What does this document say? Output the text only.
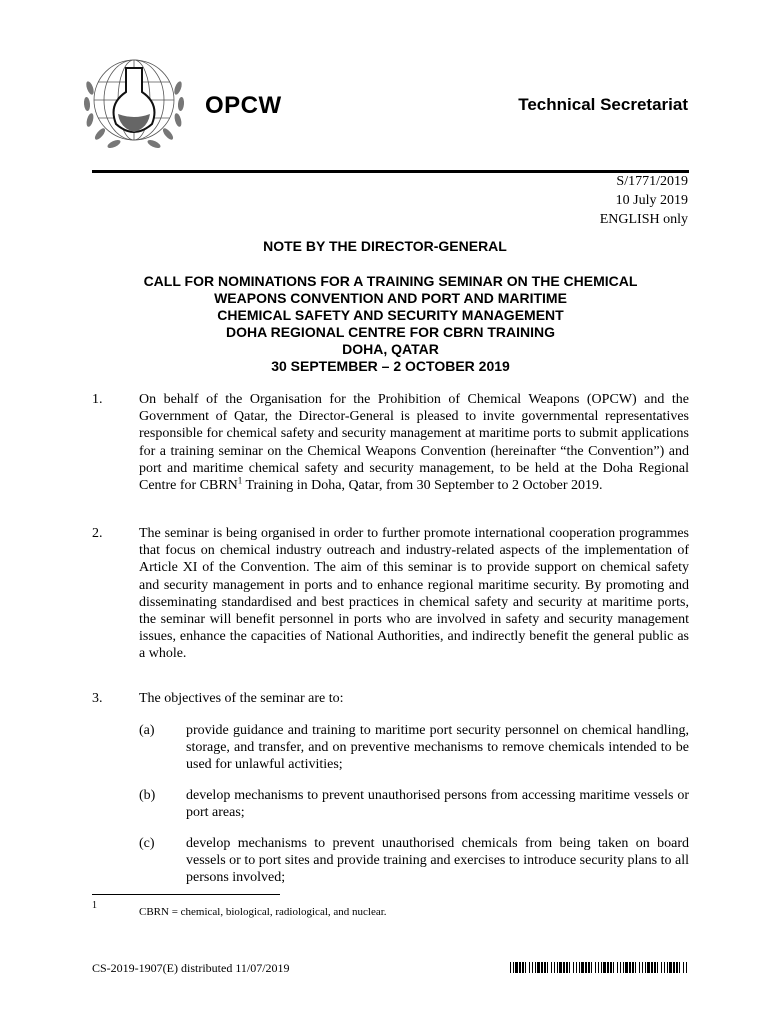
OPCW	Technical Secretariat
S/1771/2019
10 July 2019
ENGLISH only
NOTE BY THE DIRECTOR-GENERAL
CALL FOR NOMINATIONS FOR A TRAINING SEMINAR ON THE CHEMICAL
WEAPONS CONVENTION AND PORT AND MARITIME
CHEMICAL SAFETY AND SECURITY MANAGEMENT
DOHA REGIONAL CENTRE FOR CBRN TRAINING
DOHA, QATAR
30 SEPTEMBER – 2 OCTOBER 2019
1.	On behalf of the Organisation for the Prohibition of Chemical Weapons (OPCW) and the Government of Qatar, the Director-General is pleased to invite governmental representatives responsible for chemical safety and security management at maritime ports to submit applications for a training seminar on the Chemical Weapons Convention (hereinafter “the Convention”) and port and maritime chemical safety and security management, to be held at the Doha Regional Centre for CBRN$^1$ Training in Doha, Qatar, from 30 September to 2 October 2019.
2.	The seminar is being organised in order to further promote international cooperation programmes that focus on chemical industry outreach and industry-related aspects of the implementation of Article XI of the Convention. The aim of this seminar is to provide support on chemical safety and security management in ports and to enhance regional maritime security. By promoting and disseminating standardised and best practices in chemical safety and security at maritime ports, the seminar will benefit personnel in ports who are involved in safety and security management issues, enhance the capacities of National Authorities, and indirectly benefit the general public as a whole.
3.	The objectives of the seminar are to:
(a) provide guidance and training to maritime port security personnel on chemical handling, storage, and transfer, and on preventive mechanisms to remove chemicals intended to be used for unlawful activities;
(b) develop mechanisms to prevent unauthorised persons from accessing maritime vessels or port areas;
(c) develop mechanisms to prevent unauthorised chemicals from being taken on board vessels or to port sites and provide training and exercises to introduce security plans to all persons involved;
1
CBRN = chemical, biological, radiological, and nuclear.
CS-2019-1907(E) distributed 11/07/2019
